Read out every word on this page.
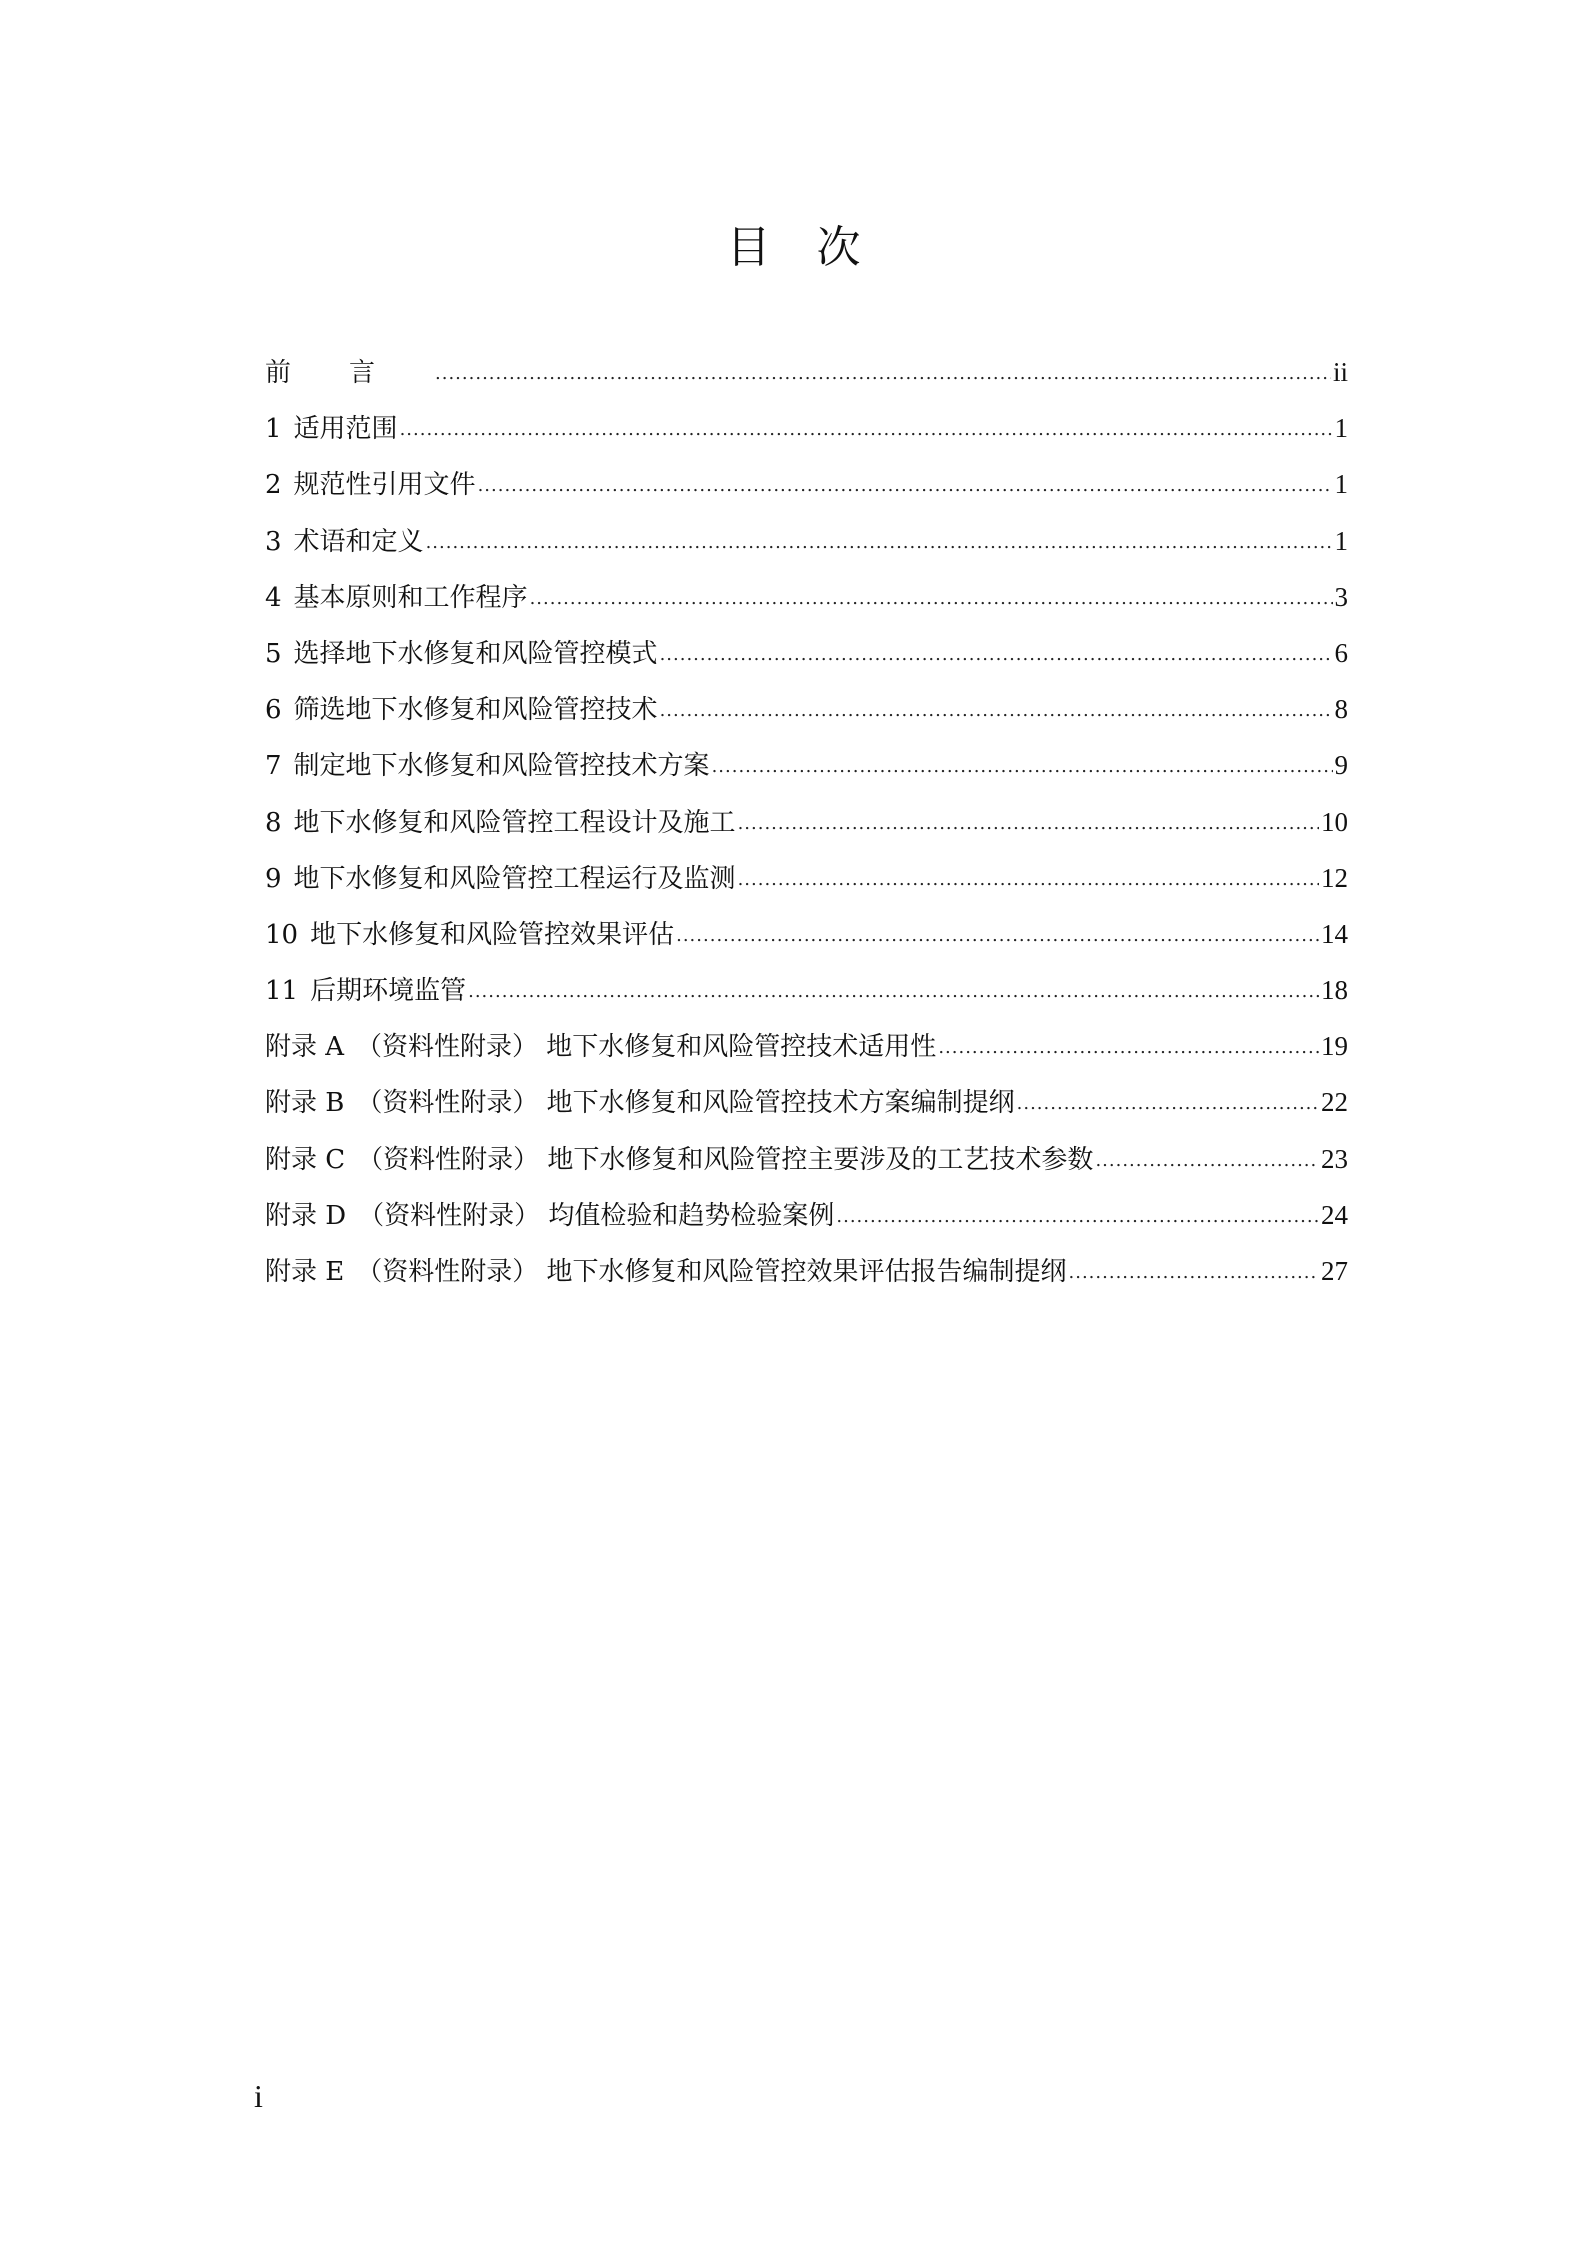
目 次
前言 .....	ii
1 适用范围 .....	1
2 规范性引用文件 .....	1
3 术语和定义 .....	1
4 基本原则和工作程序 .....	3
5 选择地下水修复和风险管控模式 .....	6
6 筛选地下水修复和风险管控技术 .....	8
7 制定地下水修复和风险管控技术方案 .....	9
8 地下水修复和风险管控工程设计及施工 .....	10
9 地下水修复和风险管控工程运行及监测 .....	12
10 地下水修复和风险管控效果评估 .....	14
11 后期环境监管 .....	18
附录 A （资料性附录） 地下水修复和风险管控技术适用性 .....	19
附录 B （资料性附录） 地下水修复和风险管控技术方案编制提纲 .....	22
附录 C （资料性附录） 地下水修复和风险管控主要涉及的工艺技术参数 .....	23
附录 D （资料性附录） 均值检验和趋势检验案例 .....	24
附录 E （资料性附录） 地下水修复和风险管控效果评估报告编制提纲 .....	27
i
